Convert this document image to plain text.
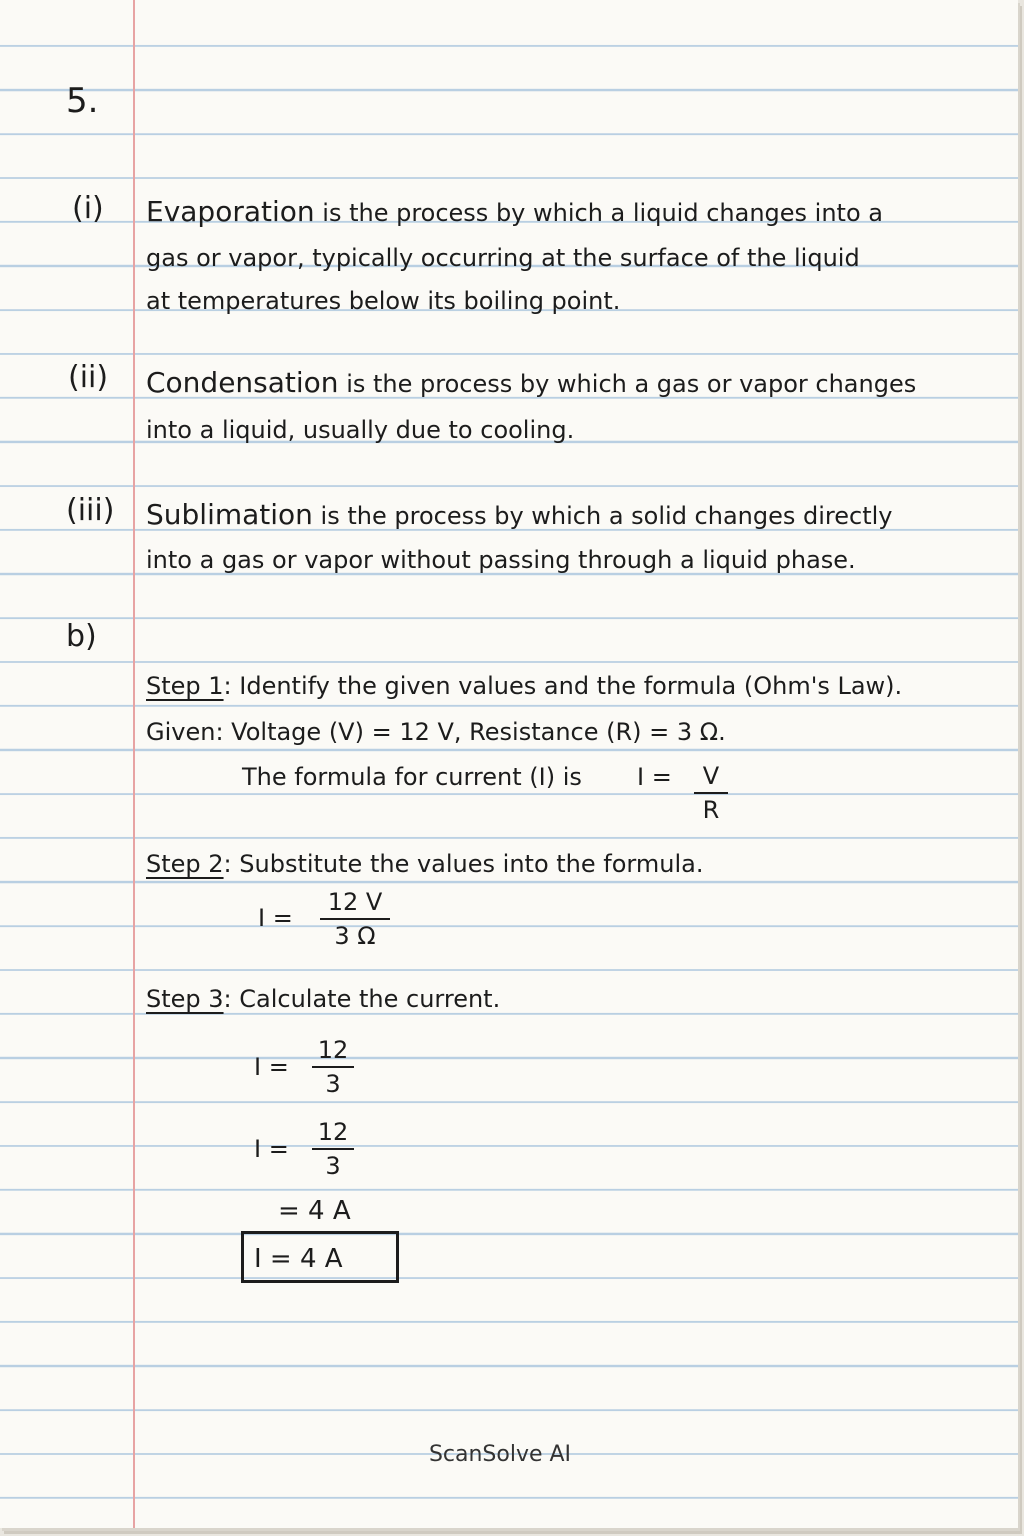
5.
(i) Evaporation is the process by which a liquid changes into a
gas or vapor, typically occurring at the surface of the liquid
at temperatures below its boiling point.
(ii) Condensation is the process by which a gas or vapor changes
into a liquid, usually due to cooling.
(iii) Sublimation is the process by which a solid changes directly
into a gas or vapor without passing through a liquid phase.
b)
Step 1: Identify the given values and the formula (Ohm's Law).
Given: Voltage (V) = 12 V, Resistance (R) = 3 Ω.
The formula for current (I) is I = V
R
Step 2: Substitute the values into the formula.
I =
12 V
3 Ω
Step 3: Calculate the current.
I =
12
3
I =
12
3
= 4 A
I = 4 A
ScanSolve AI
